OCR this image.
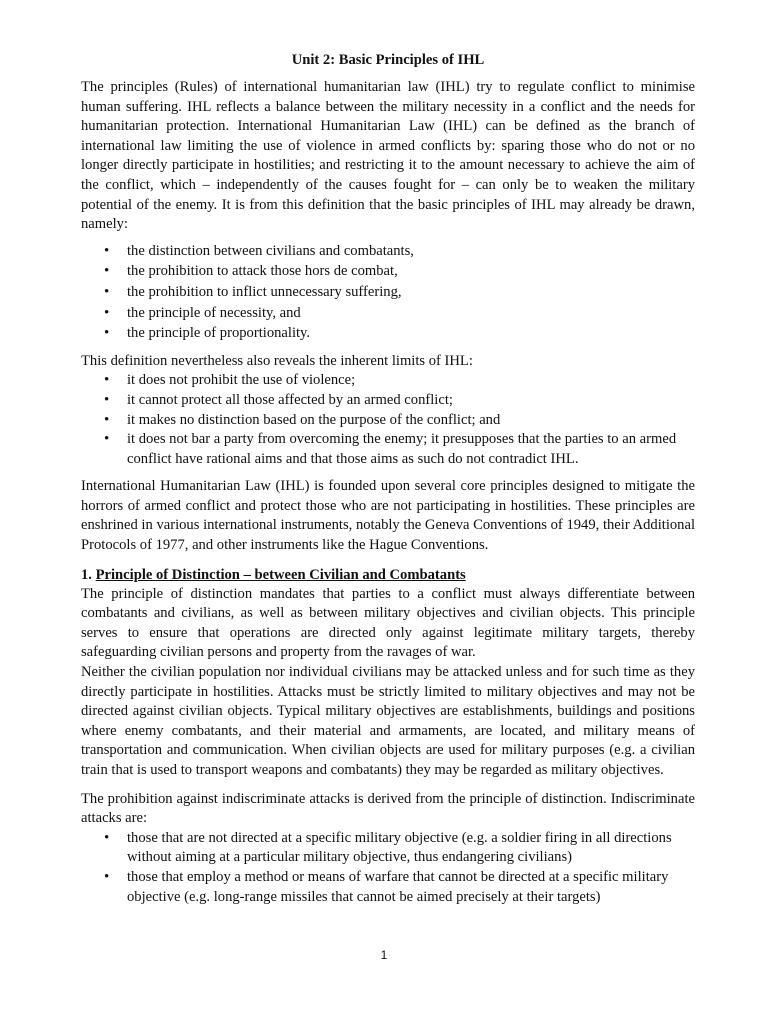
Unit 2: Basic Principles of IHL

The principles (Rules) of international humanitarian law (IHL) try to regulate conflict to minimise human suffering. IHL reflects a balance between the military necessity in a conflict and the needs for humanitarian protection. International Humanitarian Law (IHL) can be defined as the branch of international law limiting the use of violence in armed conflicts by: sparing those who do not or no longer directly participate in hostilities; and restricting it to the amount necessary to achieve the aim of the conflict, which – independently of the causes fought for – can only be to weaken the military potential of the enemy. It is from this definition that the basic principles of IHL may already be drawn, namely:

• the distinction between civilians and combatants,
• the prohibition to attack those hors de combat,
• the prohibition to inflict unnecessary suffering,
• the principle of necessity, and
• the principle of proportionality.

This definition nevertheless also reveals the inherent limits of IHL:

• it does not prohibit the use of violence;
• it cannot protect all those affected by an armed conflict;
• it makes no distinction based on the purpose of the conflict; and
• it does not bar a party from overcoming the enemy; it presupposes that the parties to an armed conflict have rational aims and that those aims as such do not contradict IHL.

International Humanitarian Law (IHL) is founded upon several core principles designed to mitigate the horrors of armed conflict and protect those who are not participating in hostilities. These principles are enshrined in various international instruments, notably the Geneva Conventions of 1949, their Additional Protocols of 1977, and other instruments like the Hague Conventions.

1. Principle of Distinction – between Civilian and Combatants

The principle of distinction mandates that parties to a conflict must always differentiate between combatants and civilians, as well as between military objectives and civilian objects. This principle serves to ensure that operations are directed only against legitimate military targets, thereby safeguarding civilian persons and property from the ravages of war.

Neither the civilian population nor individual civilians may be attacked unless and for such time as they directly participate in hostilities. Attacks must be strictly limited to military objectives and may not be directed against civilian objects. Typical military objectives are establishments, buildings and positions where enemy combatants, and their material and armaments, are located, and military means of transportation and communication. When civilian objects are used for military purposes (e.g. a civilian train that is used to transport weapons and combatants) they may be regarded as military objectives.

The prohibition against indiscriminate attacks is derived from the principle of distinction. Indiscriminate attacks are:

• those that are not directed at a specific military objective (e.g. a soldier firing in all directions without aiming at a particular military objective, thus endangering civilians)
• those that employ a method or means of warfare that cannot be directed at a specific military objective (e.g. long-range missiles that cannot be aimed precisely at their targets)
1
